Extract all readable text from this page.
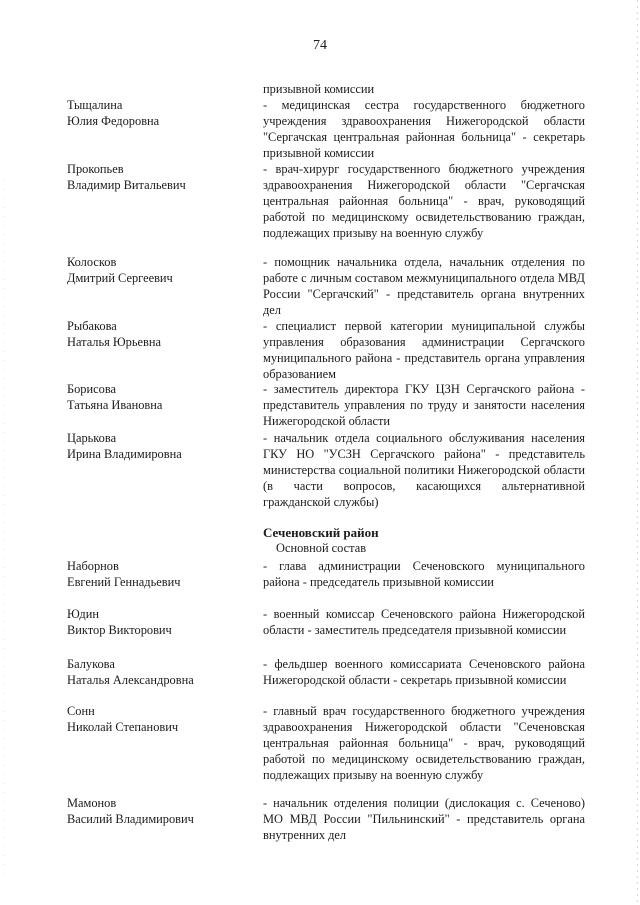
74
призывной комиссии
Тыщалина
Юлия Федоровна
- медицинская сестра государственного бюджетного учреждения здравоохранения Нижегородской области "Сергачская центральная районная больница" - секретарь призывной комиссии
Прокопьев
Владимир Витальевич
- врач-хирург государственного бюджетного учреждения здравоохранения Нижегородской области "Сергачская центральная районная больница" - врач, руководящий работой по медицинскому освидетельствованию граждан, подлежащих призыву на военную службу
Колосков
Дмитрий Сергеевич
- помощник начальника отдела, начальник отделения по работе с личным составом межмуниципального отдела МВД России "Сергачский" - представитель органа внутренних дел
Рыбакова
Наталья Юрьевна
- специалист первой категории муниципальной службы управления образования администрации Сергачского муниципального района - представитель органа управления образованием
Борисова
Татьяна Ивановна
- заместитель директора ГКУ ЦЗН Сергачского района - представитель управления по труду и занятости населения Нижегородской области
Царькова
Ирина Владимировна
- начальник отдела социального обслуживания населения ГКУ НО "УСЗН Сергачского района" - представитель министерства социальной политики Нижегородской области (в части вопросов, касающихся альтернативной гражданской службы)
Сеченовский район
Основной состав
Наборнов
Евгений Геннадьевич
- глава администрации Сеченовского муниципального района - председатель призывной комиссии
Юдин
Виктор Викторович
- военный комиссар Сеченовского района Нижегородской области - заместитель председателя призывной комиссии
Балукова
Наталья Александровна
- фельдшер военного комиссариата Сеченовского района Нижегородской области - секретарь призывной комиссии
Сонн
Николай Степанович
- главный врач государственного бюджетного учреждения здравоохранения Нижегородской области "Сеченовская центральная районная больница" - врач, руководящий работой по медицинскому освидетельствованию граждан, подлежащих призыву на военную службу
Мамонов
Василий Владимирович
- начальник отделения полиции (дислокация с. Сеченово) МО МВД России "Пильнинский" - представитель органа внутренних дел
